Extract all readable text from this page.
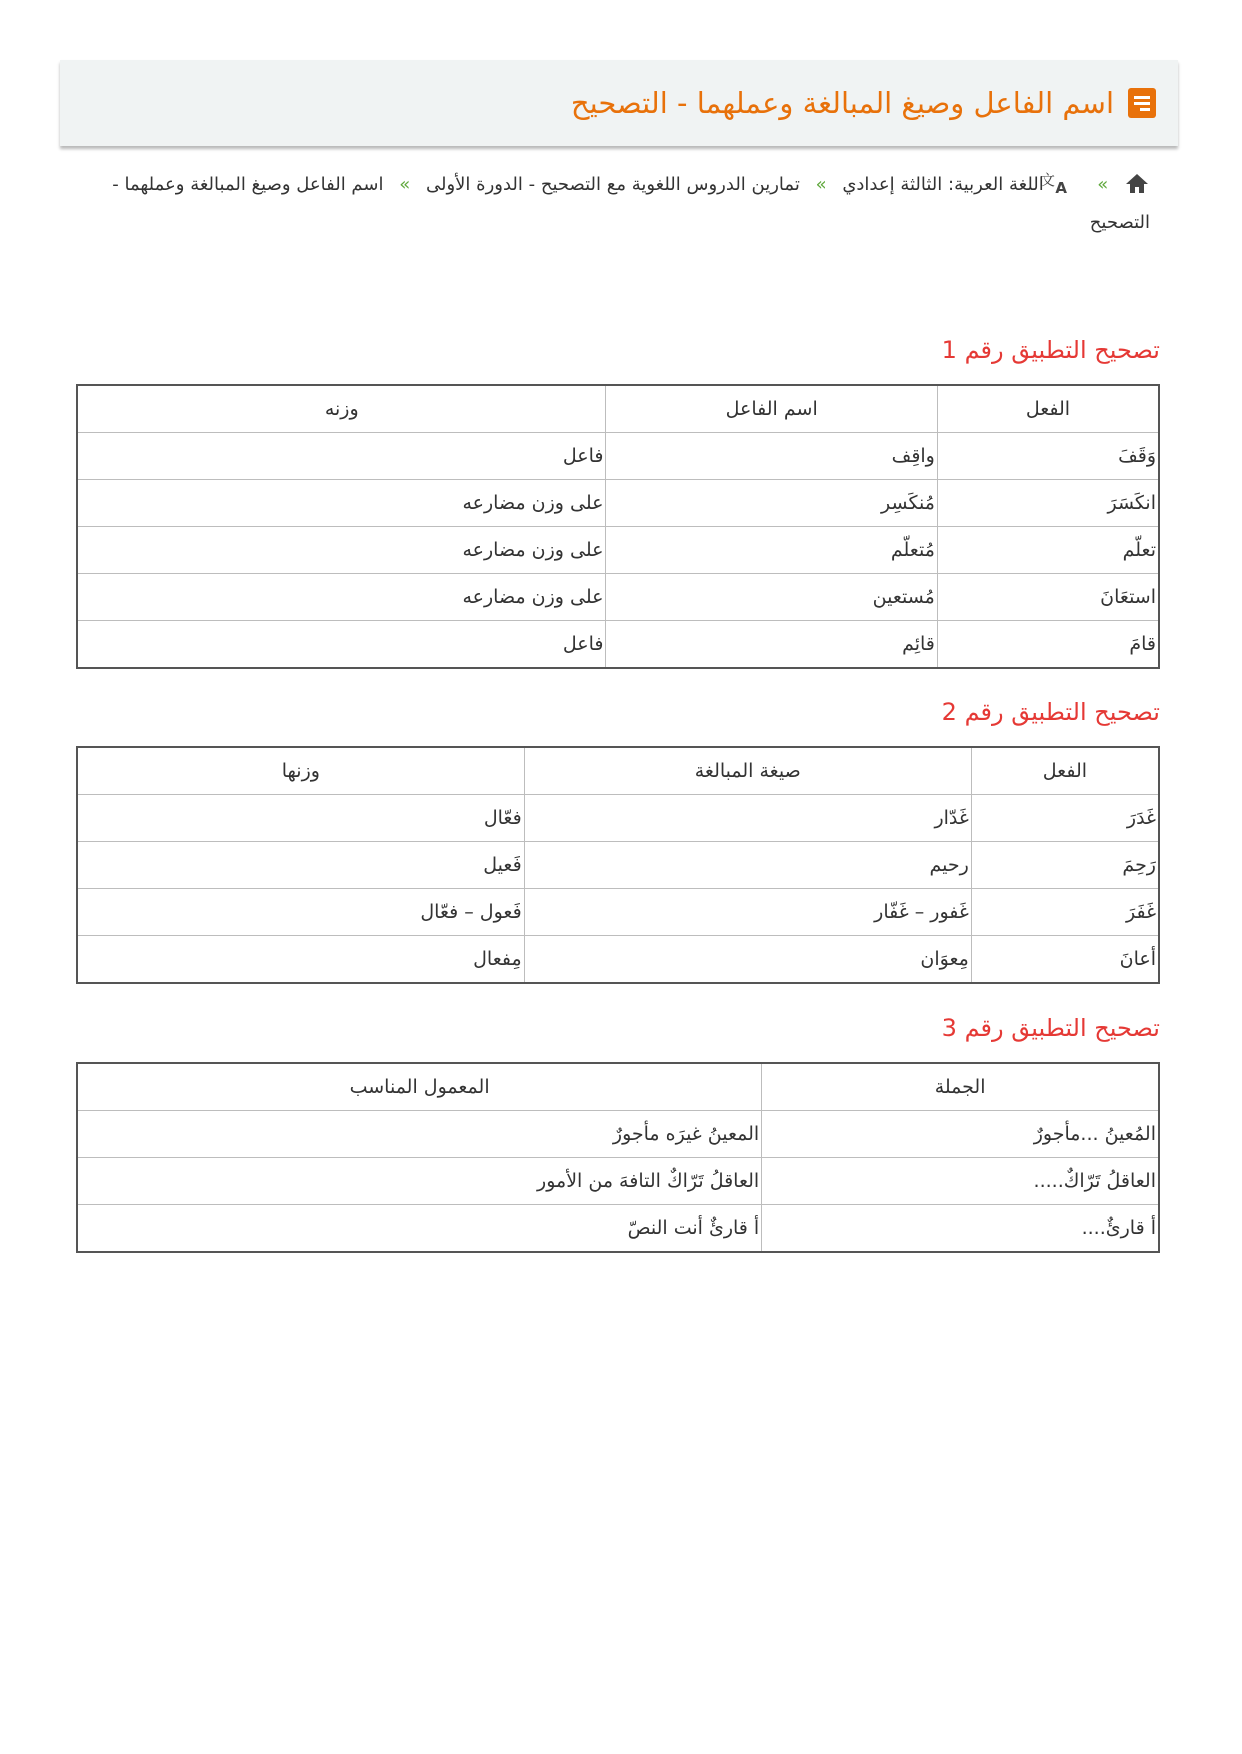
اسم الفاعل وصيغ المبالغة وعملهما - التصحيح
»
文 A
اللغة العربية: الثالثة إعدادي » تمارين الدروس اللغوية مع التصحيح - الدورة الأولى » اسم الفاعل وصيغ المبالغة وعملهما - التصحيح
تصحيح التطبيق رقم 1
الفعل	اسم الفاعل	وزنه
وَقَفَ	واقِف	فاعل
انكَسَرَ	مُنكَسِر	على وزن مضارعه
تعلّم	مُتعلّم	على وزن مضارعه
استعَانَ	مُستعين	على وزن مضارعه
قامَ	قائِم	فاعل
تصحيح التطبيق رقم 2
الفعل	صيغة المبالغة	وزنها
غَدَرَ	غَدّار	فعّال
رَحِمَ	رحيم	فَعيل
غَفَرَ	غَفور – غَفّار	فَعول – فعّال
أعانَ	مِعوَان	مِفعال
تصحيح التطبيق رقم 3
الجملة	المعمول المناسب
المُعينُ ...مأجورٌ	المعينُ غيرَه مأجورٌ
العاقلُ تَرّاكٌ.....	العاقلُ تَرّاكٌ التافهَ من الأمور
أ قارئٌ....	أ قارئٌ أنت النصّ
